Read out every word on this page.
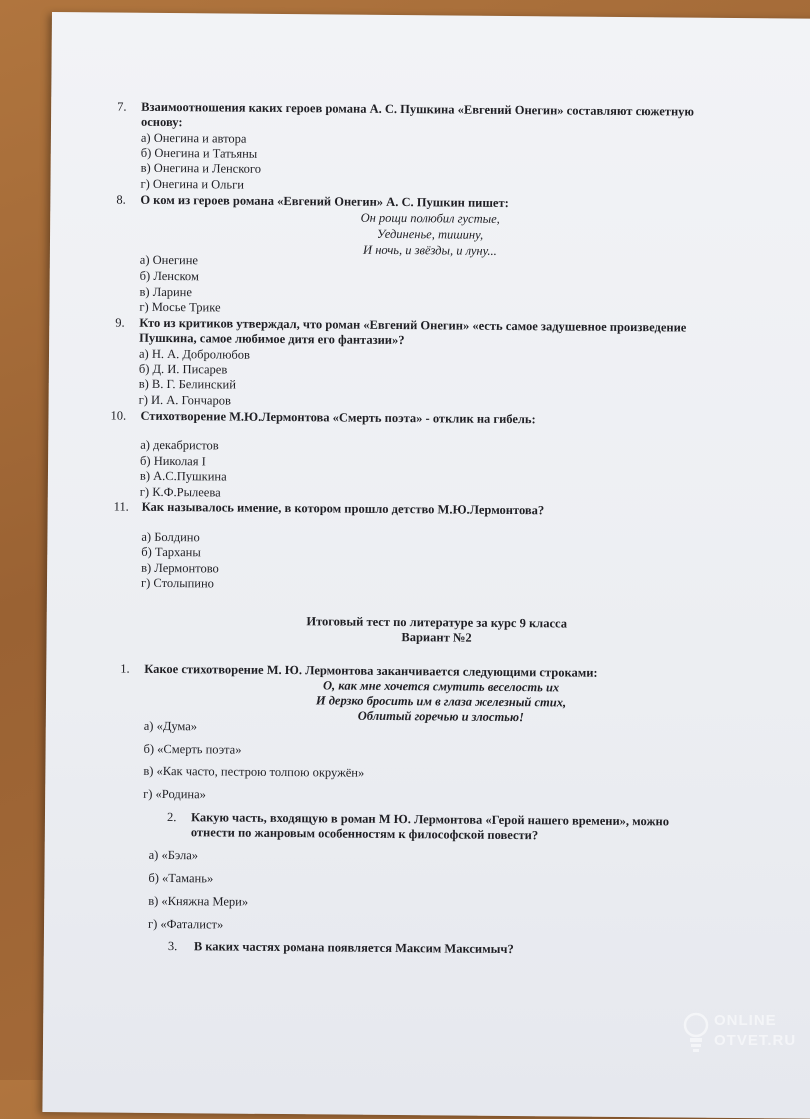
7. Взаимоотношения каких героев романа А. С. Пушкина «Евгений Онегин» составляют сюжетную
основу:
а) Онегина и автора
б) Онегина и Татьяны
в) Онегина и Ленского
г) Онегина и Ольги
8. О ком из героев романа «Евгений Онегин» А. С. Пушкин пишет:
Он рощи полюбил густые,
Уединенье, тишину,
И ночь, и звёзды, и луну...
а) Онегине
б) Ленском
в) Ларине
г) Мосье Трике
9. Кто из критиков утверждал, что роман «Евгений Онегин» «есть самое задушевное произведение
Пушкина, самое любимое дитя его фантазии»?
а) Н. А. Добролюбов
б) Д. И. Писарев
в) В. Г. Белинский
г) И. А. Гончаров
10. Стихотворение М.Ю.Лермонтова «Смерть поэта» - отклик на гибель:
а) декабристов
б) Николая I
в) А.С.Пушкина
г) К.Ф.Рылеева
11. Как называлось имение, в котором прошло детство М.Ю.Лермонтова?
а) Болдино
б) Тарханы
в) Лермонтово
г) Столыпино
Итоговый тест по литературе за курс 9 класса
Вариант №2
1. Какое стихотворение М. Ю. Лермонтова заканчивается следующими строками:
О, как мне хочется смутить веселость их
И дерзко бросить им в глаза железный стих,
Облитый горечью и злостью!
а) «Дума»
б) «Смерть поэта»
в) «Как часто, пестрою толпою окружён»
г) «Родина»
2. Какую часть, входящую в роман М Ю. Лермонтова «Герой нашего времени», можно
отнести по жанровым особенностям к философской повести?
а) «Бэла»
б) «Тамань»
в) «Княжна Мери»
г) «Фаталист»
3. В каких частях романа появляется Максим Максимыч?
ONLINE
OTVET.RU
